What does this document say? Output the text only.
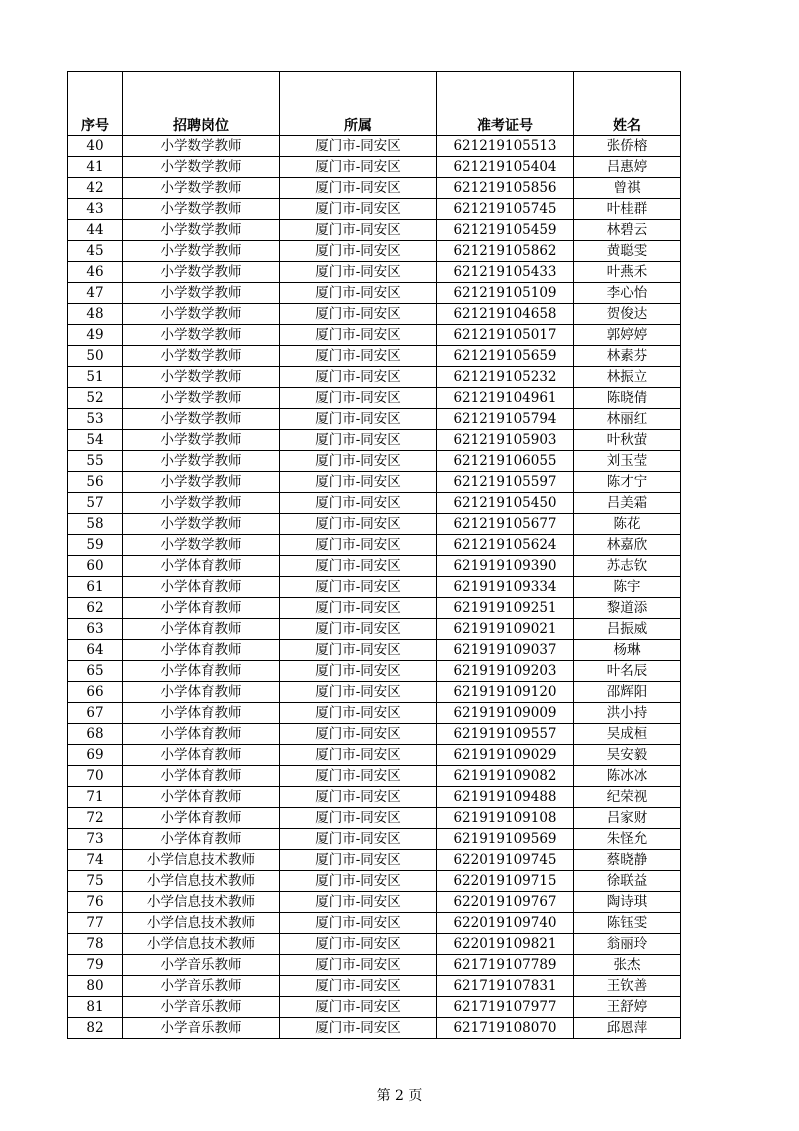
序号	招聘岗位	所属	准考证号	姓名
40	小学数学教师	厦门市-同安区	621219105513	张侨榕
41	小学数学教师	厦门市-同安区	621219105404	吕惠婷
42	小学数学教师	厦门市-同安区	621219105856	曾祺
43	小学数学教师	厦门市-同安区	621219105745	叶桂群
44	小学数学教师	厦门市-同安区	621219105459	林碧云
45	小学数学教师	厦门市-同安区	621219105862	黄聪雯
46	小学数学教师	厦门市-同安区	621219105433	叶燕禾
47	小学数学教师	厦门市-同安区	621219105109	李心怡
48	小学数学教师	厦门市-同安区	621219104658	贺俊达
49	小学数学教师	厦门市-同安区	621219105017	郭婷婷
50	小学数学教师	厦门市-同安区	621219105659	林素芬
51	小学数学教师	厦门市-同安区	621219105232	林振立
52	小学数学教师	厦门市-同安区	621219104961	陈晓倩
53	小学数学教师	厦门市-同安区	621219105794	林丽红
54	小学数学教师	厦门市-同安区	621219105903	叶秋萤
55	小学数学教师	厦门市-同安区	621219106055	刘玉莹
56	小学数学教师	厦门市-同安区	621219105597	陈才宁
57	小学数学教师	厦门市-同安区	621219105450	吕美霜
58	小学数学教师	厦门市-同安区	621219105677	陈花
59	小学数学教师	厦门市-同安区	621219105624	林嘉欣
60	小学体育教师	厦门市-同安区	621919109390	苏志钦
61	小学体育教师	厦门市-同安区	621919109334	陈宇
62	小学体育教师	厦门市-同安区	621919109251	黎道添
63	小学体育教师	厦门市-同安区	621919109021	吕振威
64	小学体育教师	厦门市-同安区	621919109037	杨琳
65	小学体育教师	厦门市-同安区	621919109203	叶名辰
66	小学体育教师	厦门市-同安区	621919109120	邵辉阳
67	小学体育教师	厦门市-同安区	621919109009	洪小持
68	小学体育教师	厦门市-同安区	621919109557	吴成桓
69	小学体育教师	厦门市-同安区	621919109029	吴安毅
70	小学体育教师	厦门市-同安区	621919109082	陈冰冰
71	小学体育教师	厦门市-同安区	621919109488	纪荣视
72	小学体育教师	厦门市-同安区	621919109108	吕家财
73	小学体育教师	厦门市-同安区	621919109569	朱怪允
74	小学信息技术教师	厦门市-同安区	622019109745	蔡晓静
75	小学信息技术教师	厦门市-同安区	622019109715	徐联益
76	小学信息技术教师	厦门市-同安区	622019109767	陶诗琪
77	小学信息技术教师	厦门市-同安区	622019109740	陈钰雯
78	小学信息技术教师	厦门市-同安区	622019109821	翁丽玲
79	小学音乐教师	厦门市-同安区	621719107789	张杰
80	小学音乐教师	厦门市-同安区	621719107831	王钦善
81	小学音乐教师	厦门市-同安区	621719107977	王舒婷
82	小学音乐教师	厦门市-同安区	621719108070	邱恩萍
第 2 页
